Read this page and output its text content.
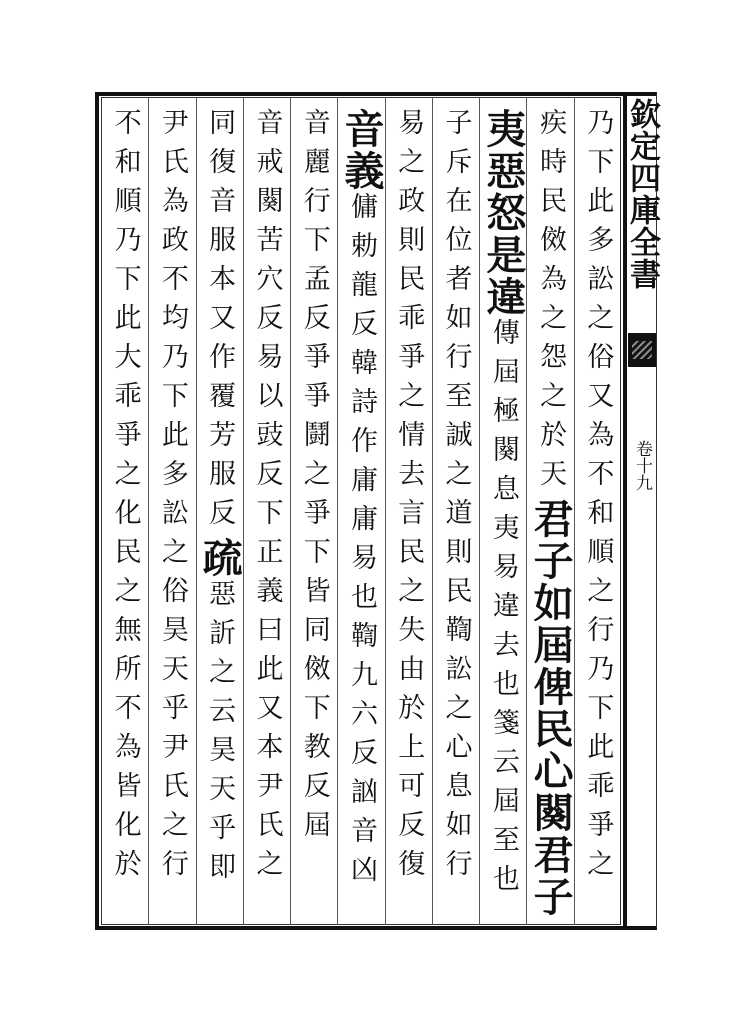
欽定四庫全書
卷十九
乃下此多訟之俗又為不和順之行乃下此乖爭之
疾時民傚為之怨之於天君子如屆俾民心闋君子
夷惡怒是違傳屆極闋息夷易違去也箋云屆至也
子斥在位者如行至誠之道則民鞫訟之心息如行
易之政則民乖爭之情去言民之失由於上可反復
音義傭勅龍反韓詩作庸庸易也鞫九六反訩音凶
音麗行下孟反爭爭鬪之爭下皆同傚下教反屆
音戒闋苦穴反易以豉反下正義曰此又本尹氏之
同復音服本又作覆芳服反疏惡訢之云昊天乎即
尹氏為政不均乃下此多訟之俗昊天乎尹氏之行
不和順乃下此大乖爭之化民之無所不為皆化於
